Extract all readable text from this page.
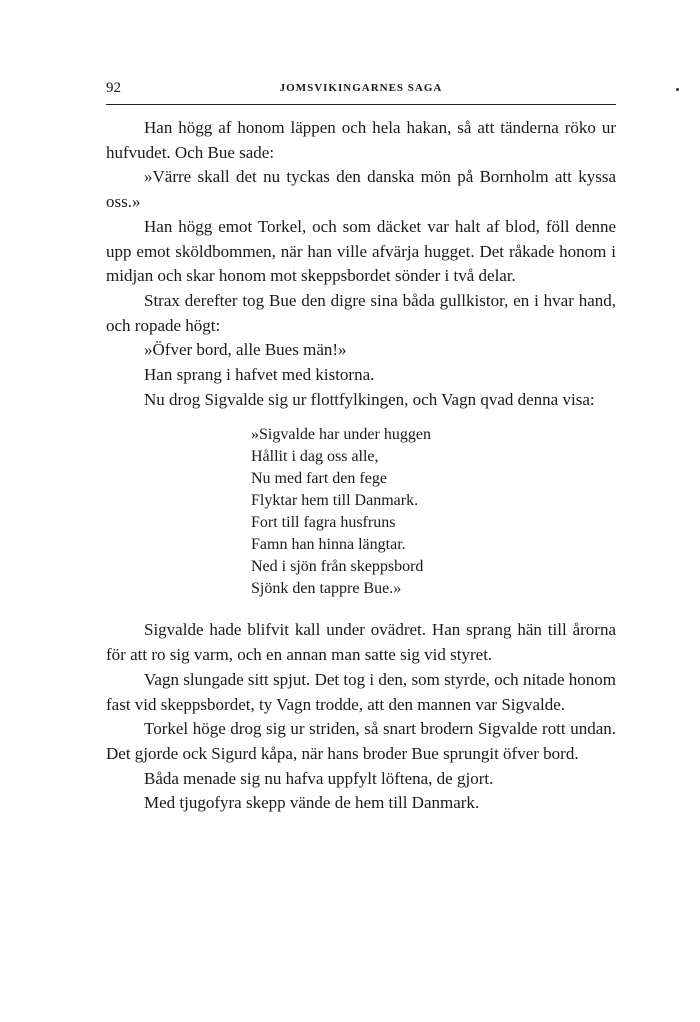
92	JOMSVIKINGARNES SAGA

Han högg af honom läppen och hela hakan, så att tänderna röko ur hufvudet. Och Bue sade:

»Värre skall det nu tyckas den danska mön på Bornholm att kyssa oss.»

Han högg emot Torkel, och som däcket var halt af blod, föll denne upp emot sköldbommen, när han ville afvärja hugget. Det råkade honom i midjan och skar honom mot skeppsbordet sönder i två delar.

Strax derefter tog Bue den digre sina båda gullkistor, en i hvar hand, och ropade högt:

»Öfver bord, alle Bues män!»

Han sprang i hafvet med kistorna.

Nu drog Sigvalde sig ur flottfylkingen, och Vagn qvad denna visa:

»Sigvalde har under huggen
Hållit i dag oss alle,
Nu med fart den fege
Flyktar hem till Danmark.
Fort till fagra husfruns
Famn han hinna längtar.
Ned i sjön från skeppsbord
Sjönk den tappre Bue.»

Sigvalde hade blifvit kall under ovädret. Han sprang hän till årorna för att ro sig varm, och en annan man satte sig vid styret.

Vagn slungade sitt spjut. Det tog i den, som styrde, och nitade honom fast vid skeppsbordet, ty Vagn trodde, att den mannen var Sigvalde.

Torkel höge drog sig ur striden, så snart brodern Sigvalde rott undan. Det gjorde ock Sigurd kåpa, när hans broder Bue sprungit öfver bord.

Båda menade sig nu hafva uppfylt löftena, de gjort.

Med tjugofyra skepp vände de hem till Danmark.
